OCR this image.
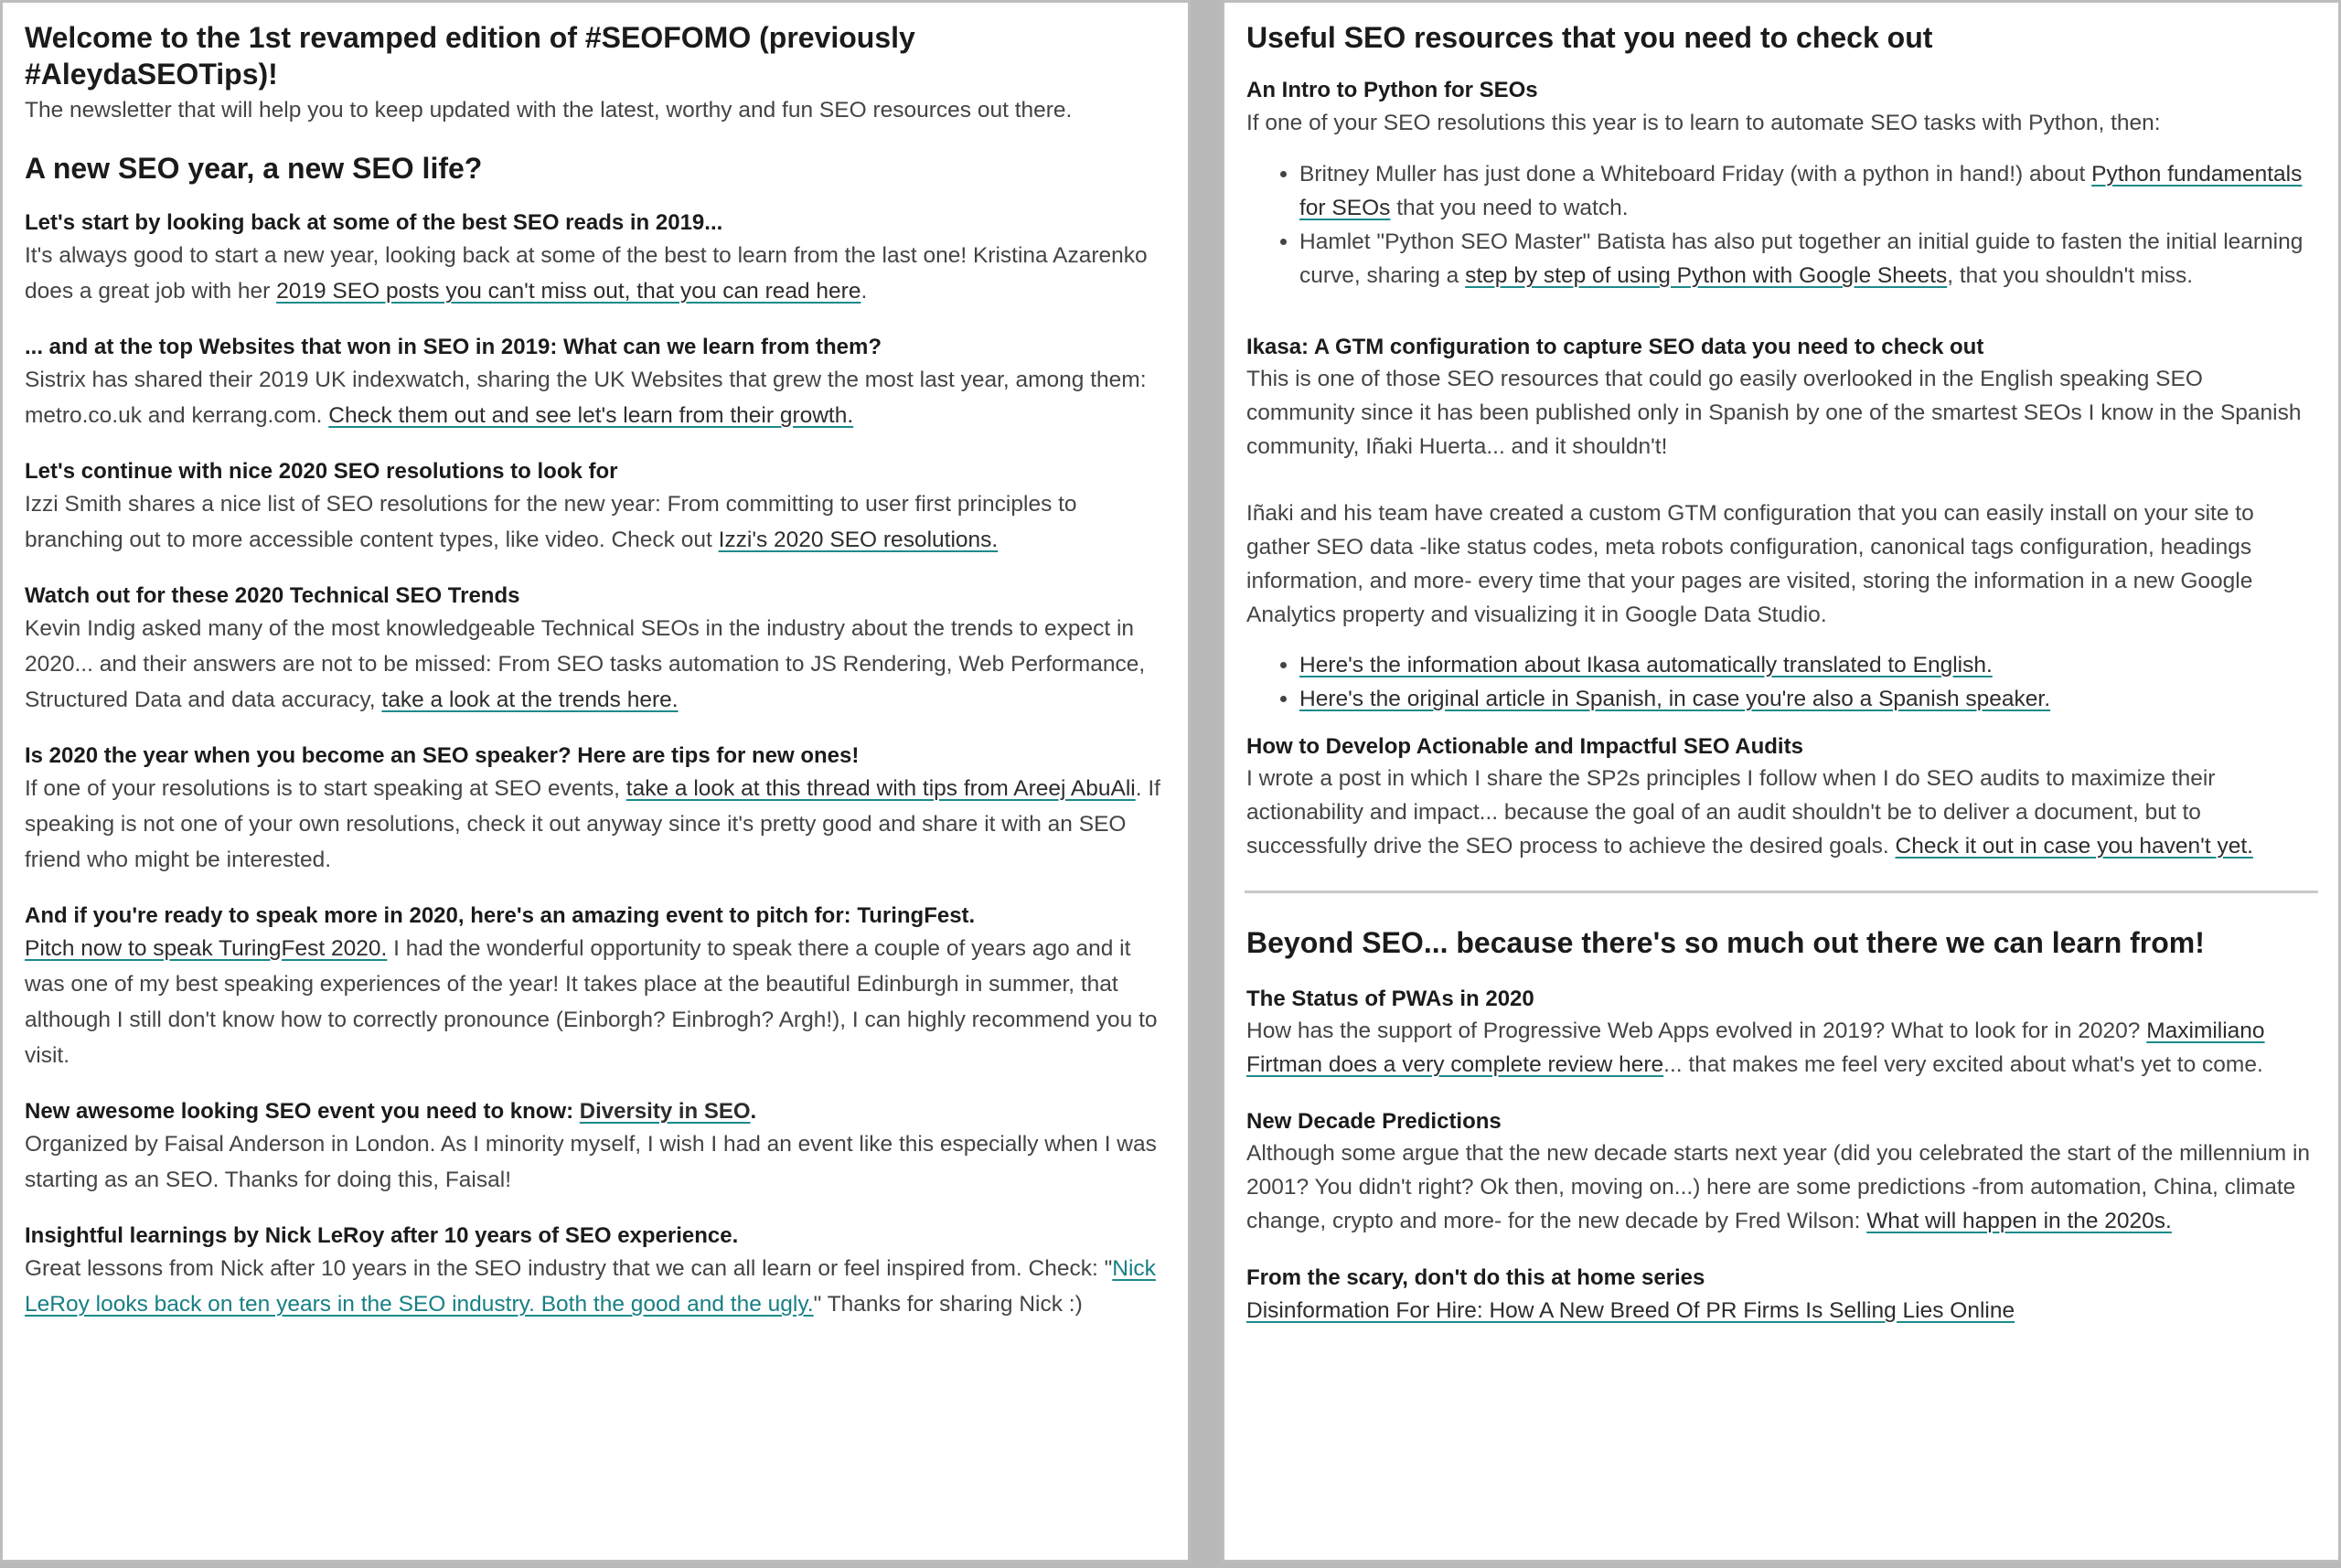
Welcome to the 1st revamped edition of #SEOFOMO (previously #AleydaSEOTips)!

The newsletter that will help you to keep updated with the latest, worthy and fun SEO resources out there.

A new SEO year, a new SEO life?
Let's start by looking back at some of the best SEO reads in 2019...

It's always good to start a new year, looking back at some of the best to learn from the last one! Kristina Azarenko does a great job with her 2019 SEO posts you can't miss out, that you can read here.

... and at the top Websites that won in SEO in 2019: What can we learn from them?

Sistrix has shared their 2019 UK indexwatch, sharing the UK Websites that grew the most last year, among them: metro.co.uk and kerrang.com. Check them out and see let's learn from their growth.

Let's continue with nice 2020 SEO resolutions to look for

Izzi Smith shares a nice list of SEO resolutions for the new year: From committing to user first principles to branching out to more accessible content types, like video. Check out Izzi's 2020 SEO resolutions.

Watch out for these 2020 Technical SEO Trends

Kevin Indig asked many of the most knowledgeable Technical SEOs in the industry about the trends to expect in 2020... and their answers are not to be missed: From SEO tasks automation to JS Rendering, Web Performance, Structured Data and data accuracy, take a look at the trends here.

Is 2020 the year when you become an SEO speaker? Here are tips for new ones!

If one of your resolutions is to start speaking at SEO events, take a look at this thread with tips from Areej AbuAli. If speaking is not one of your own resolutions, check it out anyway since it's pretty good and share it with an SEO friend who might be interested.

And if you're ready to speak more in 2020, here's an amazing event to pitch for: TuringFest.

Pitch now to speak TuringFest 2020. I had the wonderful opportunity to speak there a couple of years ago and it was one of my best speaking experiences of the year! It takes place at the beautiful Edinburgh in summer, that although I still don't know how to correctly pronounce (Einborgh? Einbrogh? Argh!), I can highly recommend you to visit.

New awesome looking SEO event you need to know: Diversity in SEO.

Organized by Faisal Anderson in London. As I minority myself, I wish I had an event like this especially when I was starting as an SEO. Thanks for doing this, Faisal!

Insightful learnings by Nick LeRoy after 10 years of SEO experience.

Great lessons from Nick after 10 years in the SEO industry that we can all learn or feel inspired from. Check: "Nick LeRoy looks back on ten years in the SEO industry. Both the good and the ugly." Thanks for sharing Nick :)

Useful SEO resources that you need to check out
An Intro to Python for SEOs

If one of your SEO resolutions this year is to learn to automate SEO tasks with Python, then:

• Britney Muller has just done a Whiteboard Friday (with a python in hand!) about Python fundamentals for SEOs that you need to watch.
• Hamlet "Python SEO Master" Batista has also put together an initial guide to fasten the initial learning curve, sharing a step by step of using Python with Google Sheets, that you shouldn't miss.
Ikasa: A GTM configuration to capture SEO data you need to check out

This is one of those SEO resources that could go easily overlooked in the English speaking SEO community since it has been published only in Spanish by one of the smartest SEOs I know in the Spanish community, Iñaki Huerta... and it shouldn't!

Iñaki and his team have created a custom GTM configuration that you can easily install on your site to gather SEO data -like status codes, meta robots configuration, canonical tags configuration, headings information, and more- every time that your pages are visited, storing the information in a new Google Analytics property and visualizing it in Google Data Studio.

• Here's the information about Ikasa automatically translated to English.
• Here's the original article in Spanish, in case you're also a Spanish speaker.
How to Develop Actionable and Impactful SEO Audits

I wrote a post in which I share the SP2s principles I follow when I do SEO audits to maximize their actionability and impact... because the goal of an audit shouldn't be to deliver a document, but to successfully drive the SEO process to achieve the desired goals. Check it out in case you haven't yet.

Beyond SEO... because there's so much out there we can learn from!
The Status of PWAs in 2020

How has the support of Progressive Web Apps evolved in 2019? What to look for in 2020? Maximiliano Firtman does a very complete review here... that makes me feel very excited about what's yet to come.

New Decade Predictions

Although some argue that the new decade starts next year (did you celebrated the start of the millennium in 2001? You didn't right? Ok then, moving on...) here are some predictions -from automation, China, climate change, crypto and more- for the new decade by Fred Wilson: What will happen in the 2020s.

From the scary, don't do this at home series

Disinformation For Hire: How A New Breed Of PR Firms Is Selling Lies Online
